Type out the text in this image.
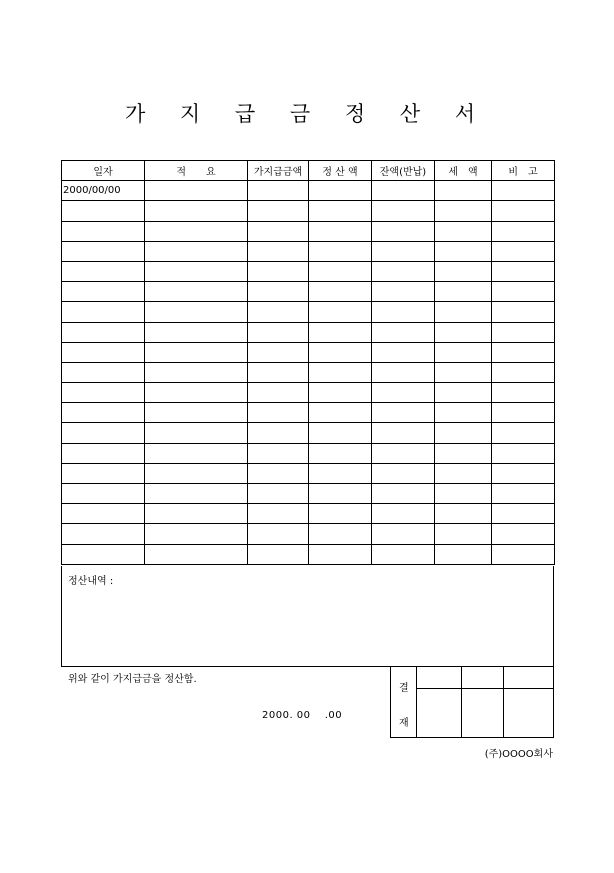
가 지 급 금 정 산 서
일자	적　　요	가지급금액	정 산 액	잔액(반납)	세　액	비　고
2000/00/00						

정산내역 :
위와 같이 가지급금을 정산함.
2000. 00　 .00
결
재
(주)OOOO회사
